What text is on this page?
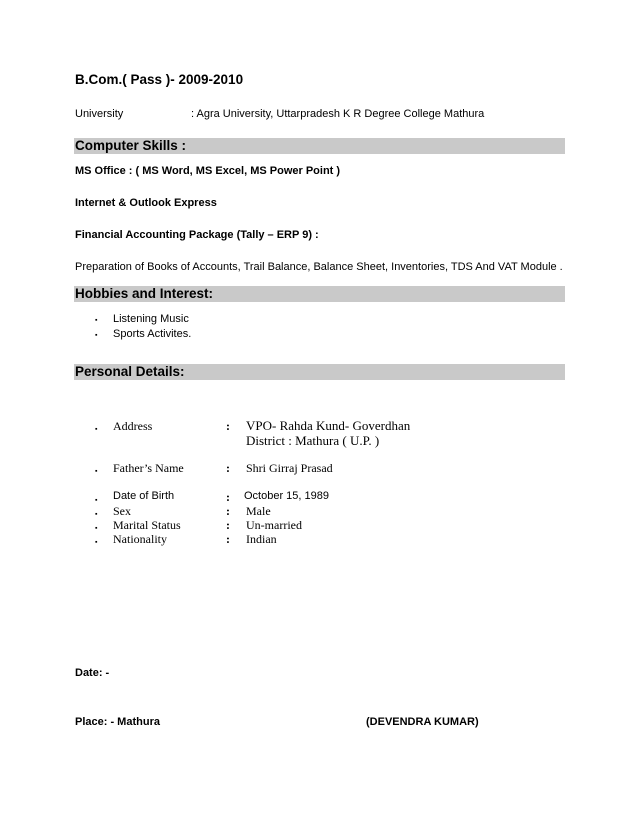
B.Com.( Pass )- 2009-2010
University	: Agra University, Uttarpradesh K R Degree College Mathura
Computer Skills :
MS Office : ( MS Word, MS Excel, MS Power Point )
Internet & Outlook Express
Financial Accounting Package (Tally – ERP 9) :
Preparation of Books of Accounts, Trail Balance, Balance Sheet, Inventories, TDS And VAT Module .
Hobbies and Interest:
▪ Listening Music
▪ Sports Activites.
Personal Details:
▪ Address	: VPO- Rahda Kund- Goverdhan
District : Mathura ( U.P. )
▪ Father’s Name	: Shri Girraj Prasad
▪ Date of Birth	: October 15, 1989
▪ Sex	: Male
▪ Marital Status	: Un-married
▪ Nationality	: Indian
Date: -
Place: - Mathura	(DEVENDRA KUMAR)
